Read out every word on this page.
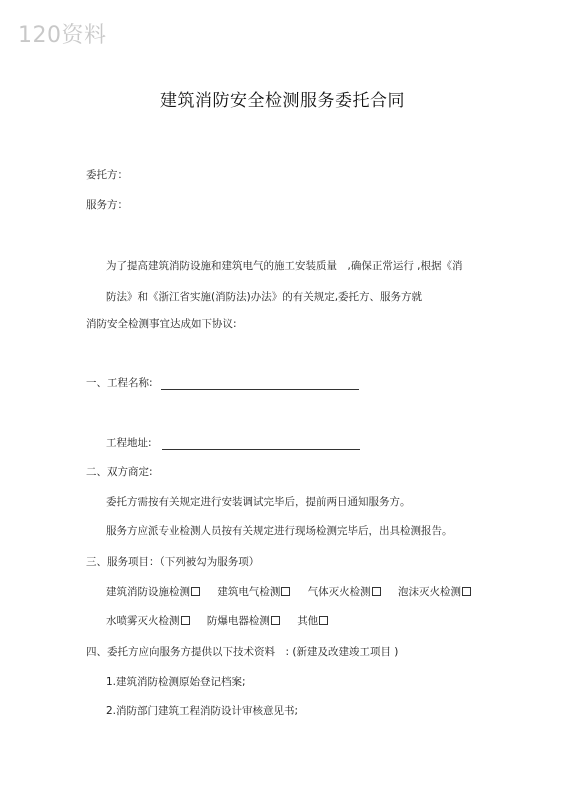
120资料
建筑消防安全检测服务委托合同
委托方：
服务方：
为了提高建筑消防设施和建筑电气的施工安装质量　,确保正常运行 ,根据《消
防法》和《浙江省实施(消防法)办法》的有关规定,委托方、服务方就
消防安全检测事宜达成如下协议:
一、工程名称:
工程地址:
二、双方商定:
委托方需按有关规定进行安装调试完毕后，提前两日通知服务方。
服务方应派专业检测人员按有关规定进行现场检测完毕后，出具检测报告。
三、服务项目：（下列被勾为服务项）
建筑消防设施检测	建筑电气检测	气体灭火检测	泡沫灭火检测
水喷雾灭火检测	防爆电器检测	其他
四、委托方应向服务方提供以下技术资料　: (新建及改建竣工项目 )
1.建筑消防检测原始登记档案;
2.消防部门建筑工程消防设计审核意见书;
